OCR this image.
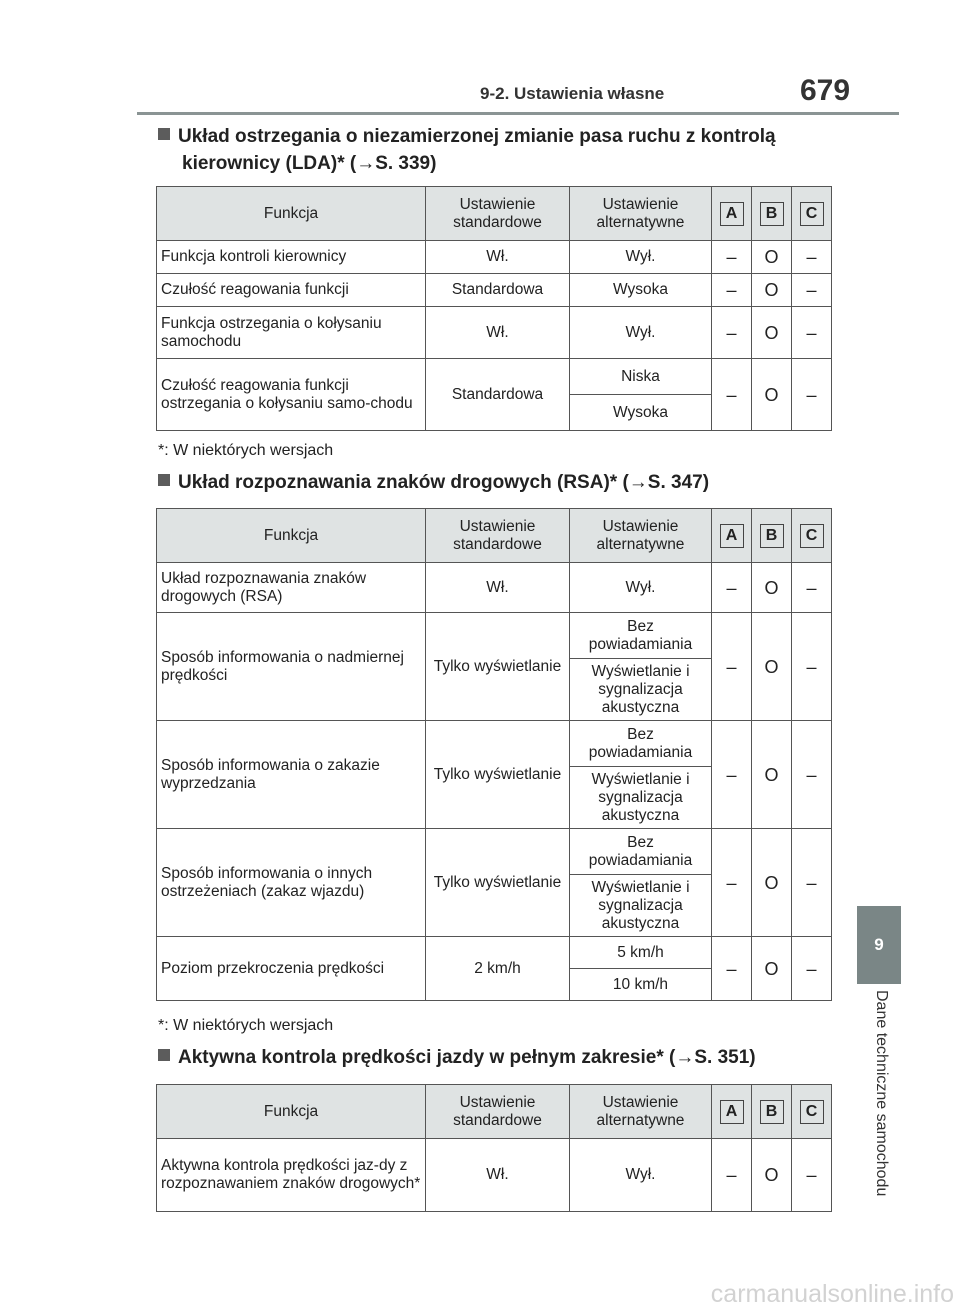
9-2. Ustawienia własne	679
9
Dane techniczne samochodu
Układ ostrzegania o niezamierzonej zmianie pasa ruchu z kontrolą
kierownicy (LDA)* (→S. 339)
Funkcja	Ustawienie standardowe	Ustawienie alternatywne	A	B	C
Funkcja kontroli kierownicy	Wł.	Wył.	–	O	–
Czułość reagowania funkcji	Standardowa	Wysoka	–	O	–
Funkcja ostrzegania o kołysaniu samochodu	Wł.	Wył.	–	O	–
Czułość reagowania funkcji ostrzegania o kołysaniu samo-chodu	Standardowa	Niska	–	O	–
		Wysoka			
*: W niektórych wersjach
Układ rozpoznawania znaków drogowych (RSA)* (→S. 347)
Funkcja	Ustawienie standardowe	Ustawienie alternatywne	A	B	C
Układ rozpoznawania znaków drogowych (RSA)	Wł.	Wył.	–	O	–
Sposób informowania o nadmiernej prędkości	Tylko wyświetlanie	Bez powiadamiania	–	O	–
		Wyświetlanie i sygnalizacja akustyczna			
Sposób informowania o zakazie wyprzedzania	Tylko wyświetlanie	Bez powiadamiania	–	O	–
		Wyświetlanie i sygnalizacja akustyczna			
Sposób informowania o innych ostrzeżeniach (zakaz wjazdu)	Tylko wyświetlanie	Bez powiadamiania	–	O	–
		Wyświetlanie i sygnalizacja akustyczna			
Poziom przekroczenia prędkości	2 km/h	5 km/h	–	O	–
		10 km/h			
*: W niektórych wersjach
Aktywna kontrola prędkości jazdy w pełnym zakresie* (→S. 351)
Funkcja	Ustawienie standardowe	Ustawienie alternatywne	A	B	C
Aktywna kontrola prędkości jaz-dy z rozpoznawaniem znaków drogowych*	Wł.	Wył.	–	O	–
carmanualsonline.info
